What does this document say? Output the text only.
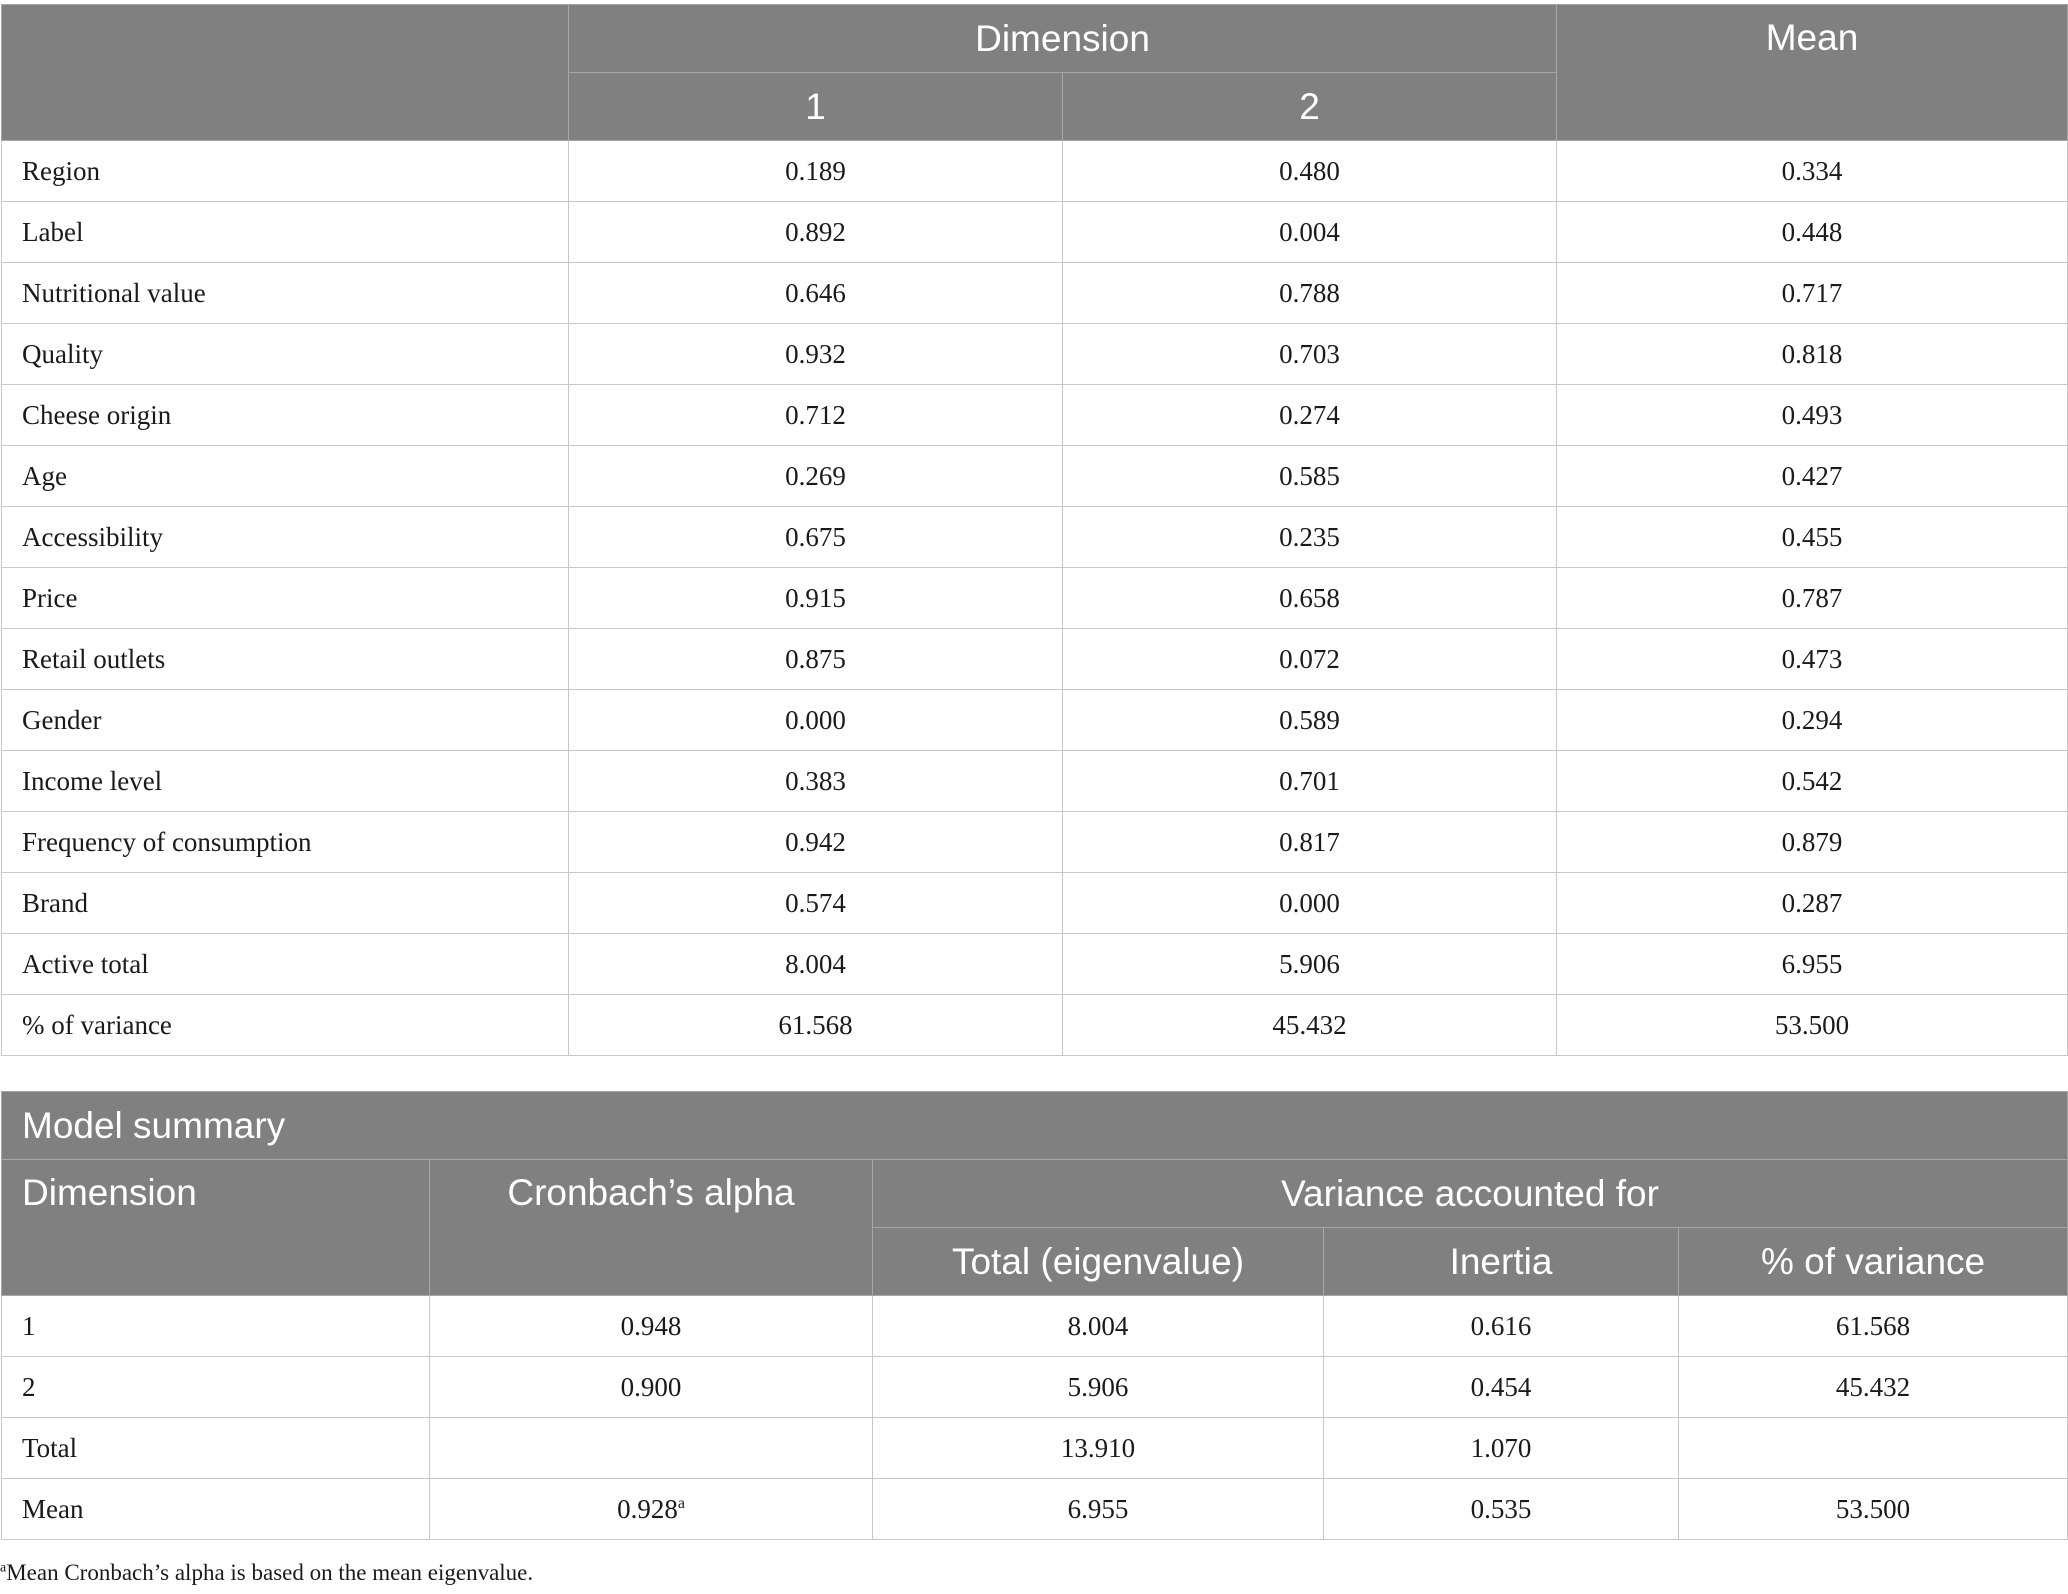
	Dimension		Mean
	1	2	
Region	0.189	0.480	0.334
Label	0.892	0.004	0.448
Nutritional value	0.646	0.788	0.717
Quality	0.932	0.703	0.818
Cheese origin	0.712	0.274	0.493
Age	0.269	0.585	0.427
Accessibility	0.675	0.235	0.455
Price	0.915	0.658	0.787
Retail outlets	0.875	0.072	0.473
Gender	0.000	0.589	0.294
Income level	0.383	0.701	0.542
Frequency of consumption	0.942	0.817	0.879
Brand	0.574	0.000	0.287
Active total	8.004	5.906	6.955
% of variance	61.568	45.432	53.500
Model summary				
Dimension	Cronbach’s alpha	Variance accounted for		
		Total (eigenvalue)	Inertia	% of variance
1	0.948	8.004	0.616	61.568
2	0.900	5.906	0.454	45.432
Total		13.910	1.070	
Mean	0.928$^a$	6.955	0.535	53.500
$^a$Mean Cronbach’s alpha is based on the mean eigenvalue.
